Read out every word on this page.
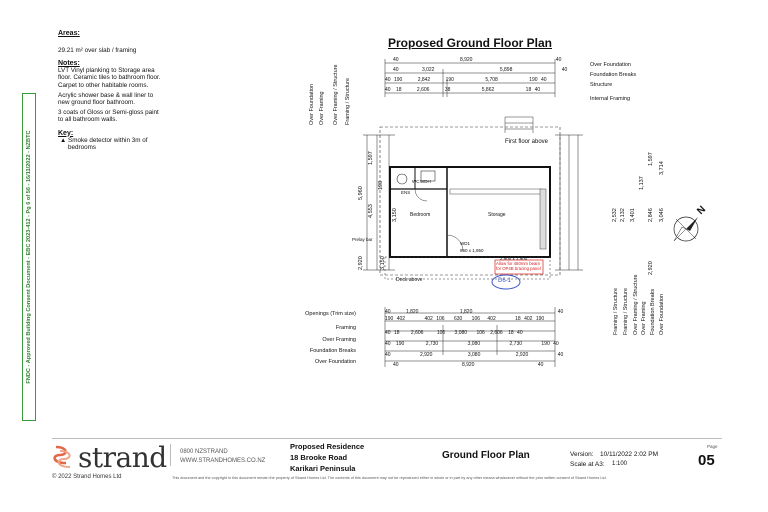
FNDC - Approved Building Consent Document - EBC 2023-412 - Pg 6 of 56 - 16/11/2022 - NZBTC
Areas:

29.21 m² over slab / framing

Notes:

LVT Vinyl planking to Storage area floor. Ceramic tiles to bathroom floor. Carpet to other habitable rooms.

Acrylic shower base & wall liner to new ground floor bathroom.

3 coats of Gloss or Semi-gloss paint to all bathroom walls.

Key:

▲ Smoke detector within 3m of bedrooms

Proposed Ground Floor Plan
Over Foundation
Foundation Breaks
Structure
Internal Framing
Over Foundation Over Framing Over Framing / Structure Framing / Structure
Framing / Structure Framing / Structure Over Framing / Structure Over Framing Foundation Breaks Over Foundation
40	8,920	40
40	3,022	5,898	40
40 190	2,842	190	5,708	190 40
40 18	2,606	38	5,862	18 40
5,960
4,553
2,920	3,150
1,597
190
3,150
1,597
3,714
1,137
2,846 3,046
2,920
3,401
2,132
2,532
First floor above
Bedroom	Storage
Deck above
ENS
WDH
WC
Prelay bar
WD1
850 x 1,950
2,900 x 1,900
Allow for 450mm beam for OP4B bracing panel
D6-1
Openings (Trim size)
Framing
Over Framing
Foundation Breaks
Over Foundation
40	1,820	1,820	40
190 402	402 106 630 106 402	18 402 190
40 18 2,606	106 3,080 106 2,606 18 40
40 190	2,730	3,080	2,730	190 40
40	2,920	3,080	2,920	40
40	8,920	40
N
strand 0800 NZSTRAND
WWW.STRANDHOMES.CO.NZ
© 2022 Strand Homes Ltd
Proposed Residence
18 Brooke Road
Karikari Peninsula
Ground Floor Plan	Version: 10/11/2022 2:02 PM
Scale at A3: 1:100
Page
05
This document and the copyright in this document remain the property of Strand Homes Ltd. The contents of this document may not be reproduced either in whole or in part by any other means whatsoever without the prior written consent of Strand Homes Ltd.
